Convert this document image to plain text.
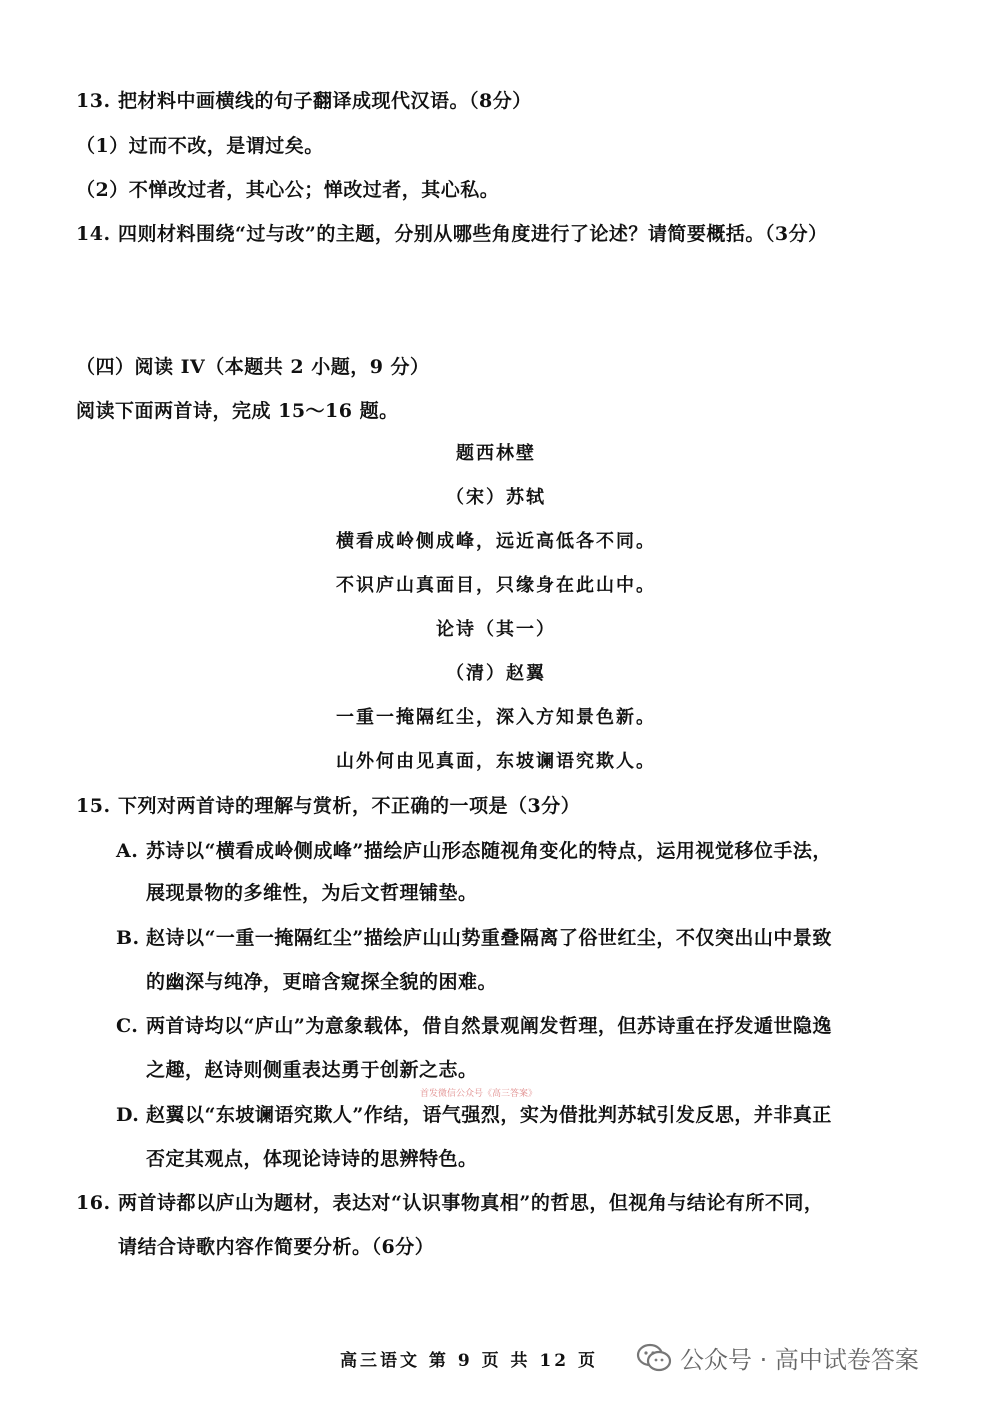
13. 把材料中画横线的句子翻译成现代汉语。（8分）
（1）过而不改，是谓过矣。
（2）不惮改过者，其心公；惮改过者，其心私。
14. 四则材料围绕“过与改”的主题，分别从哪些角度进行了论述？请简要概括。（3分）
（四）阅读 IV（本题共 2 小题，9 分）
阅读下面两首诗，完成 15～16 题。
题西林壁
（宋）苏轼
横看成岭侧成峰，远近高低各不同。
不识庐山真面目，只缘身在此山中。
论诗（其一）
（清）赵翼
一重一掩隔红尘，深入方知景色新。
山外何由见真面，东坡谰语究欺人。
15. 下列对两首诗的理解与赏析，不正确的一项是（3分）
A. 苏诗以“横看成岭侧成峰”描绘庐山形态随视角变化的特点，运用视觉移位手法，
展现景物的多维性，为后文哲理铺垫。
B. 赵诗以“一重一掩隔红尘”描绘庐山山势重叠隔离了俗世红尘，不仅突出山中景致
的幽深与纯净，更暗含窥探全貌的困难。
C. 两首诗均以“庐山”为意象载体，借自然景观阐发哲理，但苏诗重在抒发遁世隐逸
之趣，赵诗则侧重表达勇于创新之志。
首发微信公众号《高三答案》
D. 赵翼以“东坡谰语究欺人”作结，语气强烈，实为借批判苏轼引发反思，并非真正
否定其观点，体现论诗诗的思辨特色。
16. 两首诗都以庐山为题材，表达对“认识事物真相”的哲思，但视角与结论有所不同，
请结合诗歌内容作简要分析。（6分）
高三语文 第 9 页 共 12 页	公众号 · 高中试卷答案
